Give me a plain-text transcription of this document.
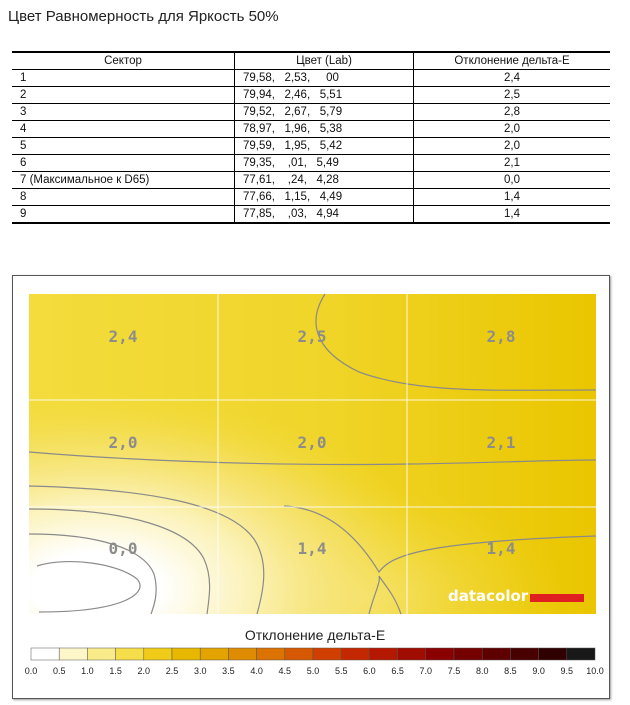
Цвет Равномерность для Яркость 50%
Сектор	Цвет (Lab)	Отклонение дельта-E
1	79,58,   2,53,     00	2,4
2	79,94,   2,46,   5,51	2,5
3	79,52,   2,67,   5,79	2,8
4	78,97,   1,96,   5,38	2,0
5	79,59,   1,95,   5,42	2,0
6	79,35,    ,01,   5,49	2,1
7 (Максимальное к D65)	77,61,    ,24,   4,28	0,0
8	77,66,   1,15,   4,49	1,4
9	77,85,    ,03,   4,94	1,4
2,4	2,5	2,8
2,0	2,0	2,1
0,0	1,4	1,4
datacolor
Отклонение дельта-E
0.0 0.5 1.0 1.5 2.0 2.5 3.0 3.5 4.0 4.5 5.0 5.5 6.0 6.5 7.0 7.5 8.0 8.5 9.0 9.5 10.0
